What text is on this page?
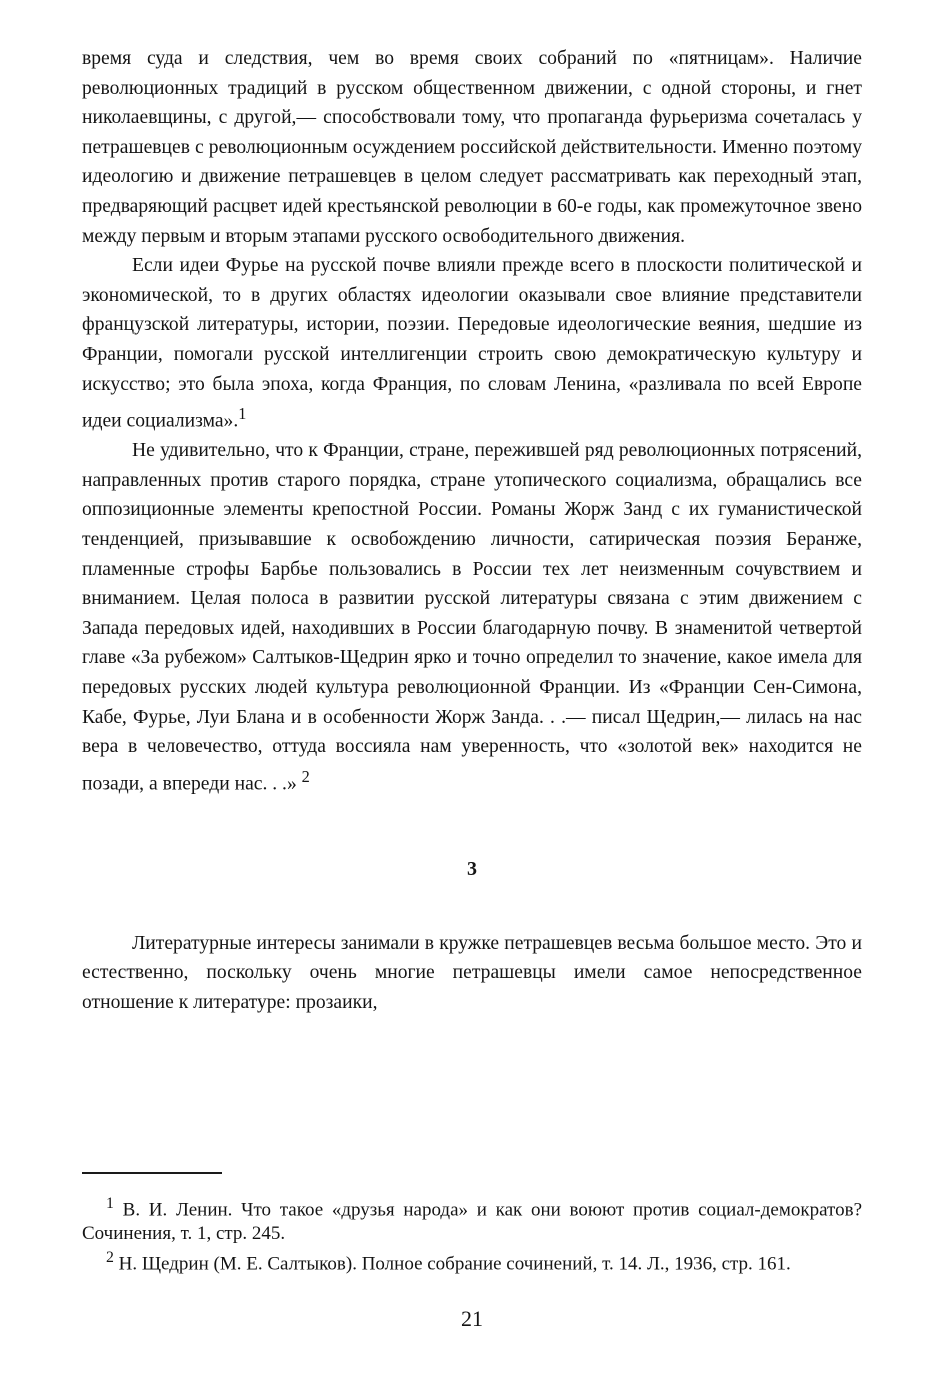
время суда и следствия, чем во время своих собраний по «пятницам». Наличие революционных традиций в русском общественном движении, с одной стороны, и гнет николаевщины, с другой,— способствовали тому, что пропаганда фурьеризма сочеталась у петрашевцев с революционным осуждением российской действительности. Именно поэтому идеологию и движение петрашевцев в целом следует рассматривать как переходный этап, предваряющий расцвет идей крестьянской революции в 60-е годы, как промежуточное звено между первым и вторым этапами русского освободительного движения.

Если идеи Фурье на русской почве влияли прежде всего в плоскости политической и экономической, то в других областях идеологии оказывали свое влияние представители французской литературы, истории, поэзии. Передовые идеологические веяния, шедшие из Франции, помогали русской интеллигенции строить свою демократическую культуру и искусство; это была эпоха, когда Франция, по словам Ленина, «разливала по всей Европе идеи социализма».$^1$

Не удивительно, что к Франции, стране, пережившей ряд революционных потрясений, направленных против старого порядка, стране утопического социализма, обращались все оппозиционные элементы крепостной России. Романы Жорж Занд с их гуманистической тенденцией, призывавшие к освобождению личности, сатирическая поэзия Беранже, пламенные строфы Барбье пользовались в России тех лет неизменным сочувствием и вниманием. Целая полоса в развитии русской литературы связана с этим движением с Запада передовых идей, находивших в России благодарную почву. В знаменитой четвертой главе «За рубежом» Салтыков-Щедрин ярко и точно определил то значение, какое имела для передовых русских людей культура революционной Франции. Из «Франции Сен-Симона, Кабе, Фурье, Луи Блана и в особенности Жорж Занда. . .— писал Щедрин,— лилась на нас вера в человечество, оттуда воссияла нам уверенность, что «золотой век» находится не позади, а впереди нас. . .» $^2$

3

Литературные интересы занимали в кружке петрашевцев весьма большое место. Это и естественно, поскольку очень многие петрашевцы имели самое непосредственное отношение к литературе: прозаики,

$^1$ В. И. Ленин. Что такое «друзья народа» и как они воюют против социал-демократов? Сочинения, т. 1, стр. 245.

$^2$ Н. Щедрин (М. Е. Салтыков). Полное собрание сочинений, т. 14. Л., 1936, стр. 161.

21
